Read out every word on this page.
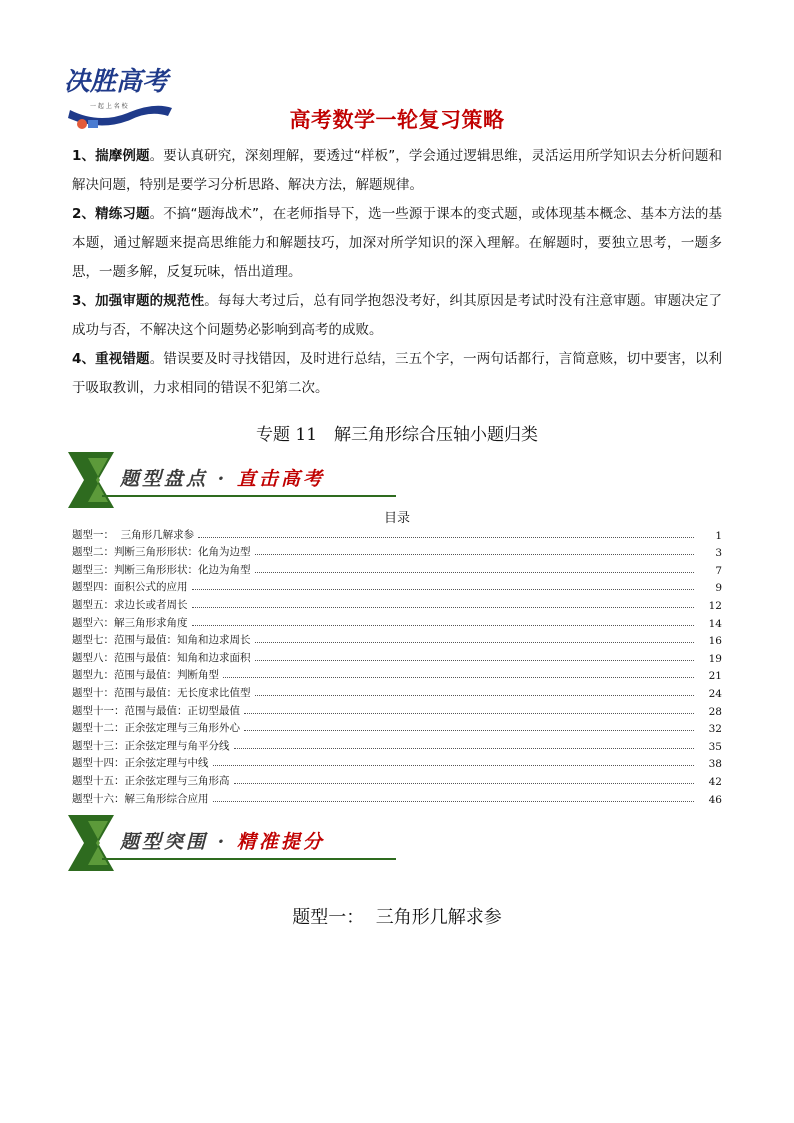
决胜高考
一 起 上 名 校
高考数学一轮复习策略

1、揣摩例题。要认真研究，深刻理解，要透过“样板”，学会通过逻辑思维，灵活运用所学知识去分析问题和解决问题，特别是要学习分析思路、解决方法，解题规律。

2、精练习题。不搞“题海战术”，在老师指导下，选一些源于课本的变式题，或体现基本概念、基本方法的基本题，通过解题来提高思维能力和解题技巧，加深对所学知识的深入理解。在解题时，要独立思考，一题多思，一题多解，反复玩味，悟出道理。

3、加强审题的规范性。每每大考过后，总有同学抱怨没考好，纠其原因是考试时没有注意审题。审题决定了成功与否，不解决这个问题势必影响到高考的成败。

4、重视错题。错误要及时寻找错因，及时进行总结，三五个字，一两句话都行，言简意赅，切中要害，以利于吸取教训，力求相同的错误不犯第二次。

专题 11　解三角形综合压轴小题归类
题型盘点 · 直击高考
目录
题型一：  三角形几解求参	1
题型二：判断三角形形状：化角为边型	3
题型三：判断三角形形状：化边为角型	7
题型四：面积公式的应用	9
题型五：求边长或者周长	12
题型六：解三角形求角度	14
题型七：范围与最值：知角和边求周长	16
题型八：范围与最值：知角和边求面积	19
题型九：范围与最值：判断角型	21
题型十：范围与最值：无长度求比值型	24
题型十一：范围与最值：正切型最值	28
题型十二：正余弦定理与三角形外心	32
题型十三：正余弦定理与角平分线	35
题型十四：正余弦定理与中线	38
题型十五：正余弦定理与三角形高	42
题型十六：解三角形综合应用	46
题型突围 · 精准提分
题型一：  三角形几解求参
